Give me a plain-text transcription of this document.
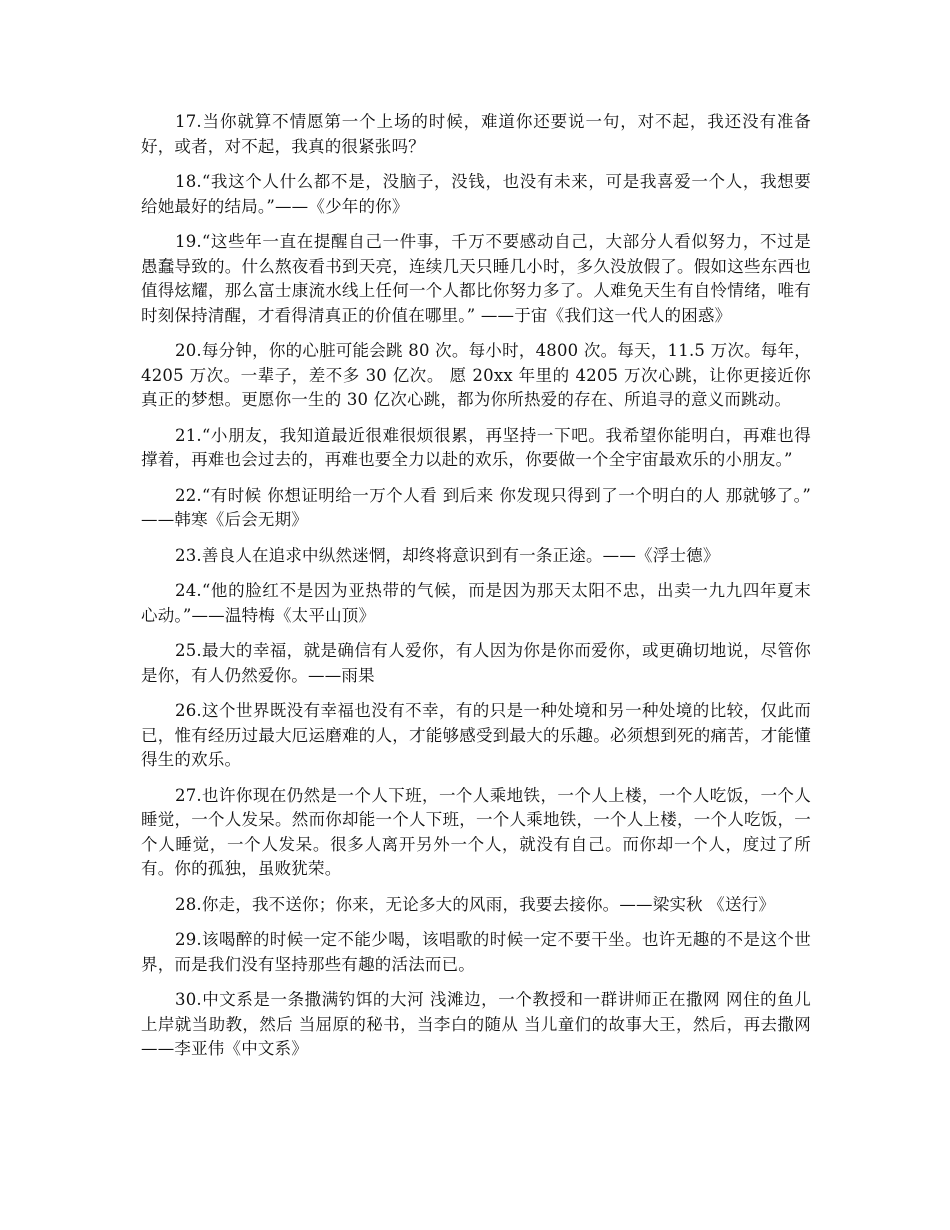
17.当你就算不情愿第一个上场的时候，难道你还要说一句，对不起，我还没有准备好，或者，对不起，我真的很紧张吗？

18.“我这个人什么都不是，没脑子，没钱，也没有未来，可是我喜爱一个人，我想要给她最好的结局。”——《少年的你》

19.“这些年一直在提醒自己一件事，千万不要感动自己，大部分人看似努力，不过是愚蠢导致的。什么熬夜看书到天亮，连续几天只睡几小时，多久没放假了。假如这些东西也值得炫耀，那么富士康流水线上任何一个人都比你努力多了。人难免天生有自怜情绪，唯有时刻保持清醒，才看得清真正的价值在哪里。” ——于宙《我们这一代人的困惑》

20.每分钟，你的心脏可能会跳 80 次。每小时，4800 次。每天，11.5 万次。每年，4205 万次。一辈子，差不多 30 亿次。 愿 20xx 年里的 4205 万次心跳，让你更接近你真正的梦想。更愿你一生的 30 亿次心跳，都为你所热爱的存在、所追寻的意义而跳动。

21.“小朋友，我知道最近很难很烦很累，再坚持一下吧。我希望你能明白，再难也得撑着，再难也会过去的，再难也要全力以赴的欢乐，你要做一个全宇宙最欢乐的小朋友。”

22.“有时候 你想证明给一万个人看 到后来 你发现只得到了一个明白的人 那就够了。” ——韩寒《后会无期》

23.善良人在追求中纵然迷惘，却终将意识到有一条正途。——《浮士德》

24.“他的脸红不是因为亚热带的气候，而是因为那天太阳不忠，出卖一九九四年夏末心动。”——温特梅《太平山顶》

25.最大的幸福，就是确信有人爱你，有人因为你是你而爱你，或更确切地说，尽管你是你，有人仍然爱你。——雨果

26.这个世界既没有幸福也没有不幸，有的只是一种处境和另一种处境的比较，仅此而已，惟有经历过最大厄运磨难的人，才能够感受到最大的乐趣。必须想到死的痛苦，才能懂得生的欢乐。

27.也许你现在仍然是一个人下班，一个人乘地铁，一个人上楼，一个人吃饭，一个人睡觉，一个人发呆。然而你却能一个人下班，一个人乘地铁，一个人上楼，一个人吃饭，一个人睡觉，一个人发呆。很多人离开另外一个人，就没有自己。而你却一个人，度过了所有。你的孤独，虽败犹荣。

28.你走，我不送你；你来，无论多大的风雨，我要去接你。——梁实秋 《送行》

29.该喝醉的时候一定不能少喝，该唱歌的时候一定不要干坐。也许无趣的不是这个世界，而是我们没有坚持那些有趣的活法而已。

30.中文系是一条撒满钓饵的大河 浅滩边，一个教授和一群讲师正在撒网 网住的鱼儿 上岸就当助教，然后 当屈原的秘书，当李白的随从 当儿童们的故事大王，然后，再去撒网 ——李亚伟《中文系》
